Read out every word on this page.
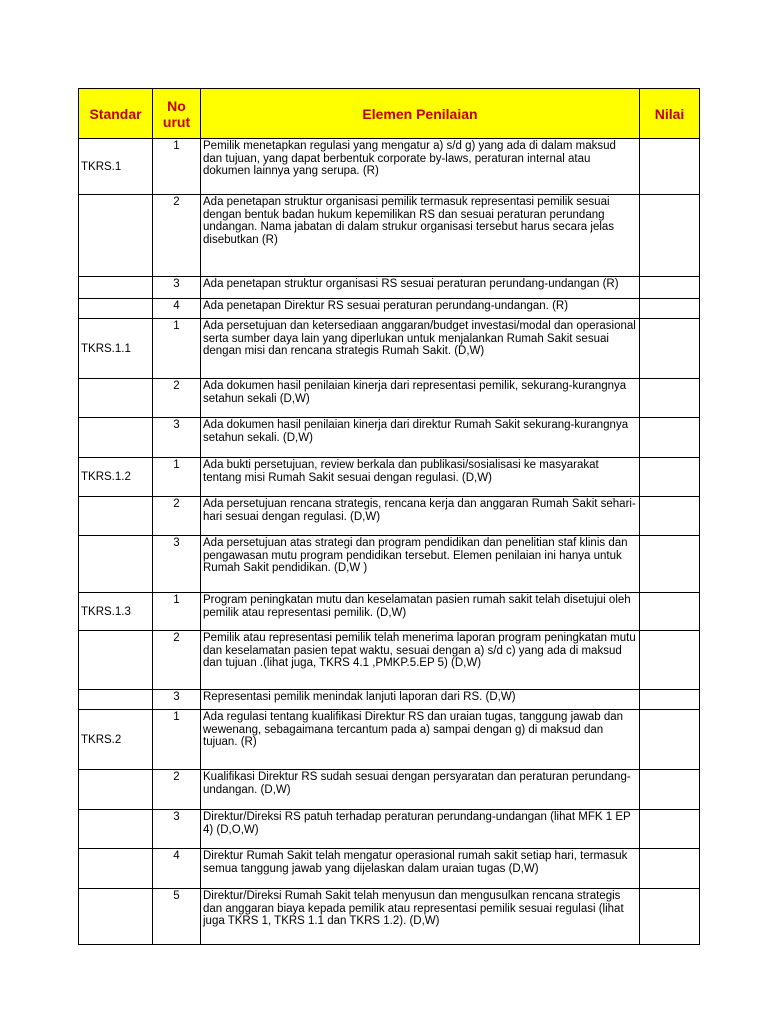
Standar	No urut	Elemen Penilaian	Nilai
TKRS.1	1	Pemilik menetapkan regulasi yang mengatur a) s/d g) yang ada di dalam maksud dan tujuan, yang dapat berbentuk corporate by-laws, peraturan internal atau dokumen lainnya yang serupa. (R)	
	2	Ada penetapan struktur organisasi pemilik termasuk representasi pemilik sesuai dengan bentuk badan hukum kepemilikan RS dan sesuai peraturan perundang undangan. Nama jabatan di dalam strukur organisasi tersebut harus secara jelas disebutkan (R)	
	3	Ada penetapan struktur organisasi RS sesuai peraturan perundang-undangan (R)	
	4	Ada penetapan Direktur RS sesuai peraturan perundang-undangan. (R)	
TKRS.1.1	1	Ada persetujuan dan ketersediaan anggaran/budget investasi/modal dan operasional serta sumber daya lain yang diperlukan untuk menjalankan Rumah Sakit sesuai dengan misi dan rencana strategis Rumah Sakit. (D,W)	
	2	Ada dokumen hasil penilaian kinerja dari representasi pemilik, sekurang-kurangnya setahun sekali (D,W)	
	3	Ada dokumen hasil penilaian kinerja dari direktur Rumah Sakit sekurang-kurangnya setahun sekali. (D,W)	
TKRS.1.2	1	Ada bukti persetujuan, review berkala dan publikasi/sosialisasi ke masyarakat tentang misi Rumah Sakit sesuai dengan regulasi. (D,W)	
	2	Ada persetujuan rencana strategis, rencana kerja dan anggaran Rumah Sakit sehari-hari sesuai dengan regulasi. (D,W)	
	3	Ada persetujuan atas strategi dan program pendidikan dan penelitian staf klinis dan pengawasan mutu program pendidikan tersebut. Elemen penilaian ini hanya untuk Rumah Sakit pendidikan. (D,W )	
TKRS.1.3	1	Program peningkatan mutu dan keselamatan pasien rumah sakit telah disetujui oleh pemilik atau representasi pemilik. (D,W)	
	2	Pemilik atau representasi pemilik telah menerima laporan program peningkatan mutu dan keselamatan pasien tepat waktu, sesuai dengan a) s/d c) yang ada di maksud dan tujuan .(lihat juga, TKRS 4.1 ,PMKP.5.EP 5) (D,W)	
	3	Representasi pemilik menindak lanjuti laporan dari RS. (D,W)	
TKRS.2	1	Ada regulasi tentang kualifikasi Direktur RS dan uraian tugas, tanggung jawab dan wewenang, sebagaimana tercantum pada a) sampai dengan g) di maksud dan tujuan. (R)	
	2	Kualifikasi Direktur RS sudah sesuai dengan persyaratan dan peraturan perundang-undangan. (D,W)	
	3	Direktur/Direksi RS patuh terhadap peraturan perundang-undangan (lihat MFK 1 EP 4) (D,O,W)	
	4	Direktur Rumah Sakit telah mengatur operasional rumah sakit setiap hari, termasuk semua tanggung jawab yang dijelaskan dalam uraian tugas (D,W)	
	5	Direktur/Direksi Rumah Sakit telah menyusun dan mengusulkan rencana strategis dan anggaran biaya kepada pemilik atau representasi pemilik sesuai regulasi (lihat juga TKRS 1, TKRS 1.1 dan TKRS 1.2). (D,W)	
